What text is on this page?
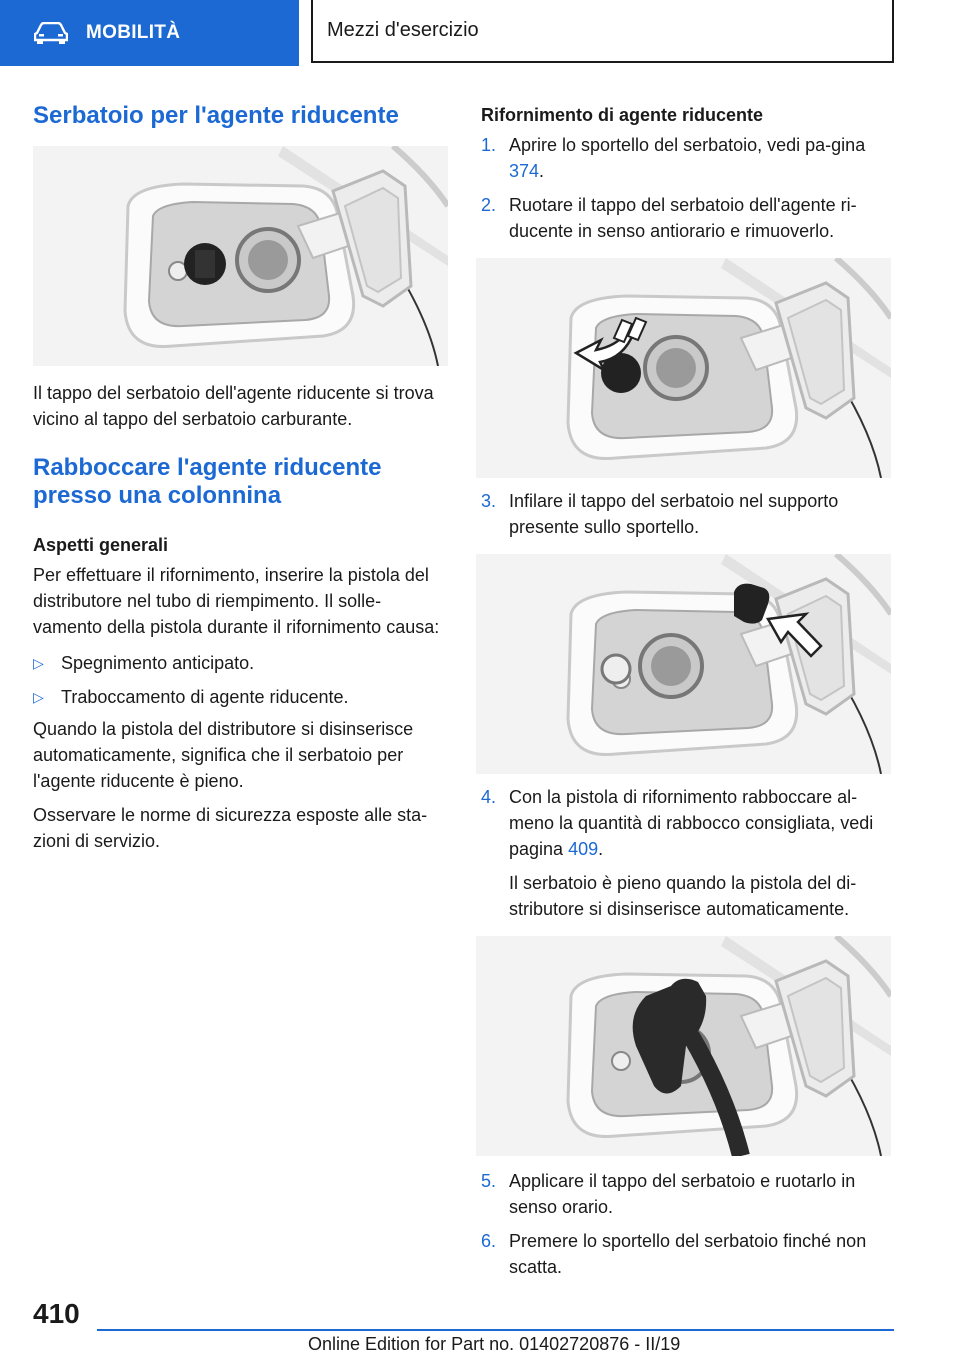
MOBILITÀ	Mezzi d'esercizio
Serbatoio per l'agente riducente

Il tappo del serbatoio dell'agente riducente si trova vicino al tappo del serbatoio carburante.

Rabboccare l'agente riducente presso una colonnina
Aspetti generali

Per effettuare il rifornimento, inserire la pistola del distributore nel tubo di riempimento. Il solle-vamento della pistola durante il rifornimento causa:

▷ Spegnimento anticipato.
▷ Traboccamento di agente riducente.

Quando la pistola del distributore si disinserisce automaticamente, significa che il serbatoio per l'agente riducente è pieno.

Osservare le norme di sicurezza esposte alle sta-zioni di servizio.

Rifornimento di agente riducente
1. Aprire lo sportello del serbatoio, vedi pa-gina 374.
2. Ruotare il tappo del serbatoio dell'agente ri-ducente in senso antiorario e rimuoverlo.
3. Infilare il tappo del serbatoio nel supporto presente sullo sportello.
4. Con la pistola di rifornimento rabboccare al-meno la quantità di rabbocco consigliata, vedi pagina 409.

Il serbatoio è pieno quando la pistola del di-stributore si disinserisce automaticamente.

5. Applicare il tappo del serbatoio e ruotarlo in senso orario.
6. Premere lo sportello del serbatoio finché non scatta.
410
Online Edition for Part no. 01402720876 - II/19
